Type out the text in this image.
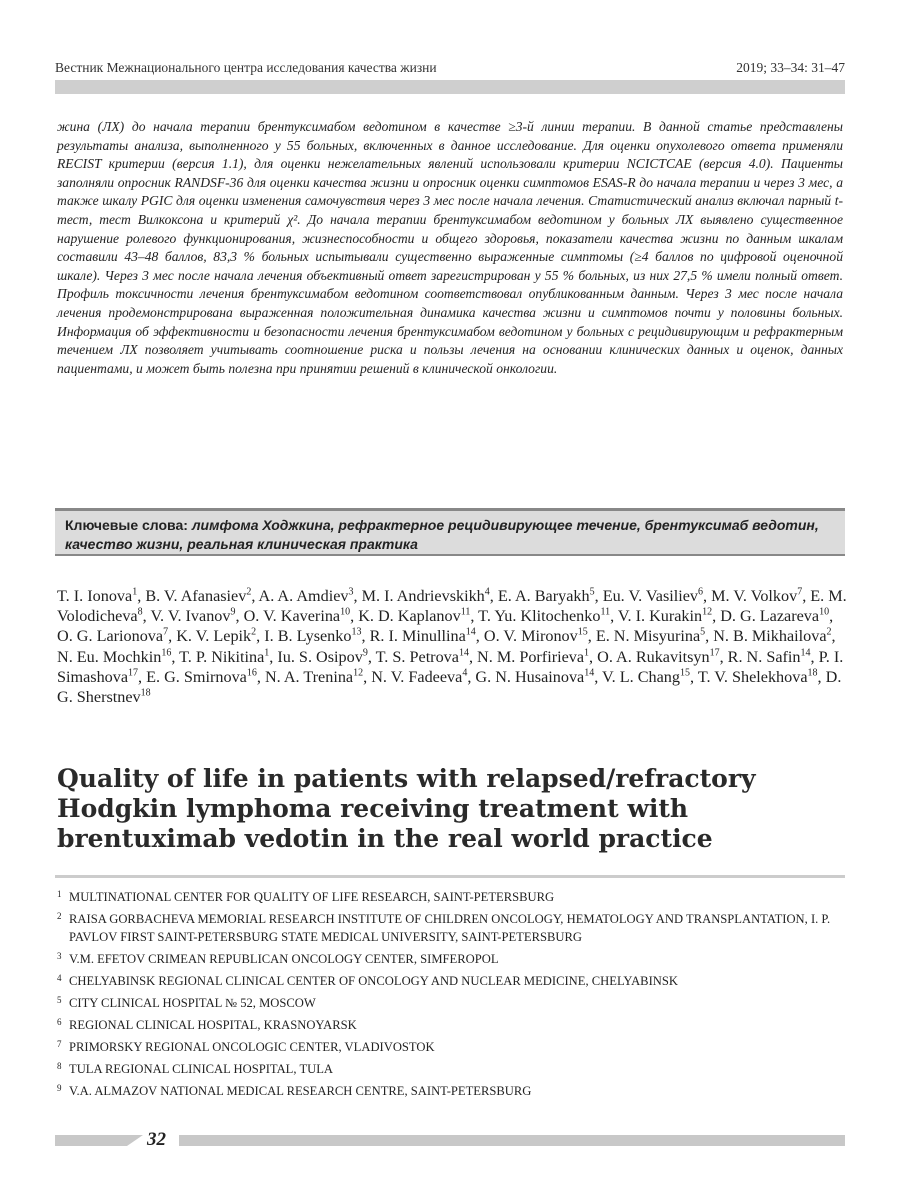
Вестник Межнационального центра исследования качества жизни	2019; 33–34: 31–47

жина (ЛХ) до начала терапии брентуксимабом ведотином в качестве ≥3-й линии терапии. В данной статье представлены результаты анализа, выполненного у 55 больных, включенных в данное исследование. Для оценки опухолевого ответа применяли RECIST критерии (версия 1.1), для оценки нежелательных явлений использовали критерии NCICTCAE (версия 4.0). Пациенты заполняли опросник RANDSF-36 для оценки качества жизни и опросник оценки симптомов ESAS-R до начала терапии и через 3 мес, а также шкалу PGIC для оценки изменения самочувствия через 3 мес после начала лечения. Статистический анализ включал парный t-тест, тест Вилкоксона и критерий χ². До начала терапии брентуксимабом ведотином у больных ЛХ выявлено существенное нарушение ролевого функционирования, жизнеспособности и общего здоровья, показатели качества жизни по данным шкалам составили 43–48 баллов, 83,3 % больных испытывали существенно выраженные симптомы (≥4 баллов по цифровой оценочной шкале). Через 3 мес после начала лечения объективный ответ зарегистрирован у 55 % больных, из них 27,5 % имели полный ответ. Профиль токсичности лечения брентуксимабом ведотином соответствовал опубликованным данным. Через 3 мес после начала лечения продемонстрирована выраженная положительная динамика качества жизни и симптомов почти у половины больных. Информация об эффективности и безопасности лечения брентуксимабом ведотином у больных с рецидивирующим и рефрактерным течением ЛХ позволяет учитывать соотношение риска и пользы лечения на основании клинических данных и оценок, данных пациентами, и может быть полезна при принятии решений в клинической онкологии.

Ключевые слова: лимфома Ходжкина, рефрактерное рецидивирующее течение, брентуксимаб ведотин, качество жизни, реальная клиническая практика
T. I. Ionova$^1$, B. V. Afanasiev$^2$, A. A. Amdiev$^3$, M. I. Andrievskikh$^4$, E. A. Baryakh$^5$, Eu. V. Vasiliev$^6$, M. V. Volkov$^7$, E. M. Volodicheva$^8$, V. V. Ivanov$^9$, O. V. Kaverina$^{10}$, K. D. Kaplanov$^{11}$, T. Yu. Klitochenko$^{11}$, V. I. Kurakin$^{12}$, D. G. Lazareva$^{10}$, O. G. Larionova$^7$, K. V. Lepik$^2$, I. B. Lysenko$^{13}$, R. I. Minullina$^{14}$, O. V. Mironov$^{15}$, E. N. Misyurina$^5$, N. B. Mikhailova$^2$, N. Eu. Mochkin$^{16}$, T. P. Nikitina$^1$, Iu. S. Osipov$^9$, T. S. Petrova$^{14}$, N. M. Porfirieva$^1$, O. A. Rukavitsyn$^{17}$, R. N. Safin$^{14}$, P. I. Simashova$^{17}$, E. G. Smirnova$^{16}$, N. A. Trenina$^{12}$, N. V. Fadeeva$^4$, G. N. Husainova$^{14}$, V. L. Chang$^{15}$, T. V. Shelekhova$^{18}$, D. G. Sherstnev$^{18}$
Quality of life in patients with relapsed/refractory Hodgkin lymphoma receiving treatment with brentuximab vedotin in the real world practice
1 MULTINATIONAL CENTER FOR QUALITY OF LIFE RESEARCH, SAINT-PETERSBURG
2 RAISA GORBACHEVA MEMORIAL RESEARCH INSTITUTE OF CHILDREN ONCOLOGY, HEMATOLOGY AND TRANSPLANTATION, I. P. PAVLOV FIRST SAINT-PETERSBURG STATE MEDICAL UNIVERSITY, SAINT-PETERSBURG
3 V.M. EFETOV CRIMEAN REPUBLICAN ONCOLOGY CENTER, SIMFEROPOL
4 CHELYABINSK REGIONAL CLINICAL CENTER OF ONCOLOGY AND NUCLEAR MEDICINE, CHELYABINSK
5 CITY CLINICAL HOSPITAL № 52, MOSCOW
6 REGIONAL CLINICAL HOSPITAL, KRASNOYARSK
7 PRIMORSKY REGIONAL ONCOLOGIC CENTER, VLADIVOSTOK
8 TULA REGIONAL CLINICAL HOSPITAL, TULA
9 V.A. ALMAZOV NATIONAL MEDICAL RESEARCH CENTRE, SAINT-PETERSBURG
32
